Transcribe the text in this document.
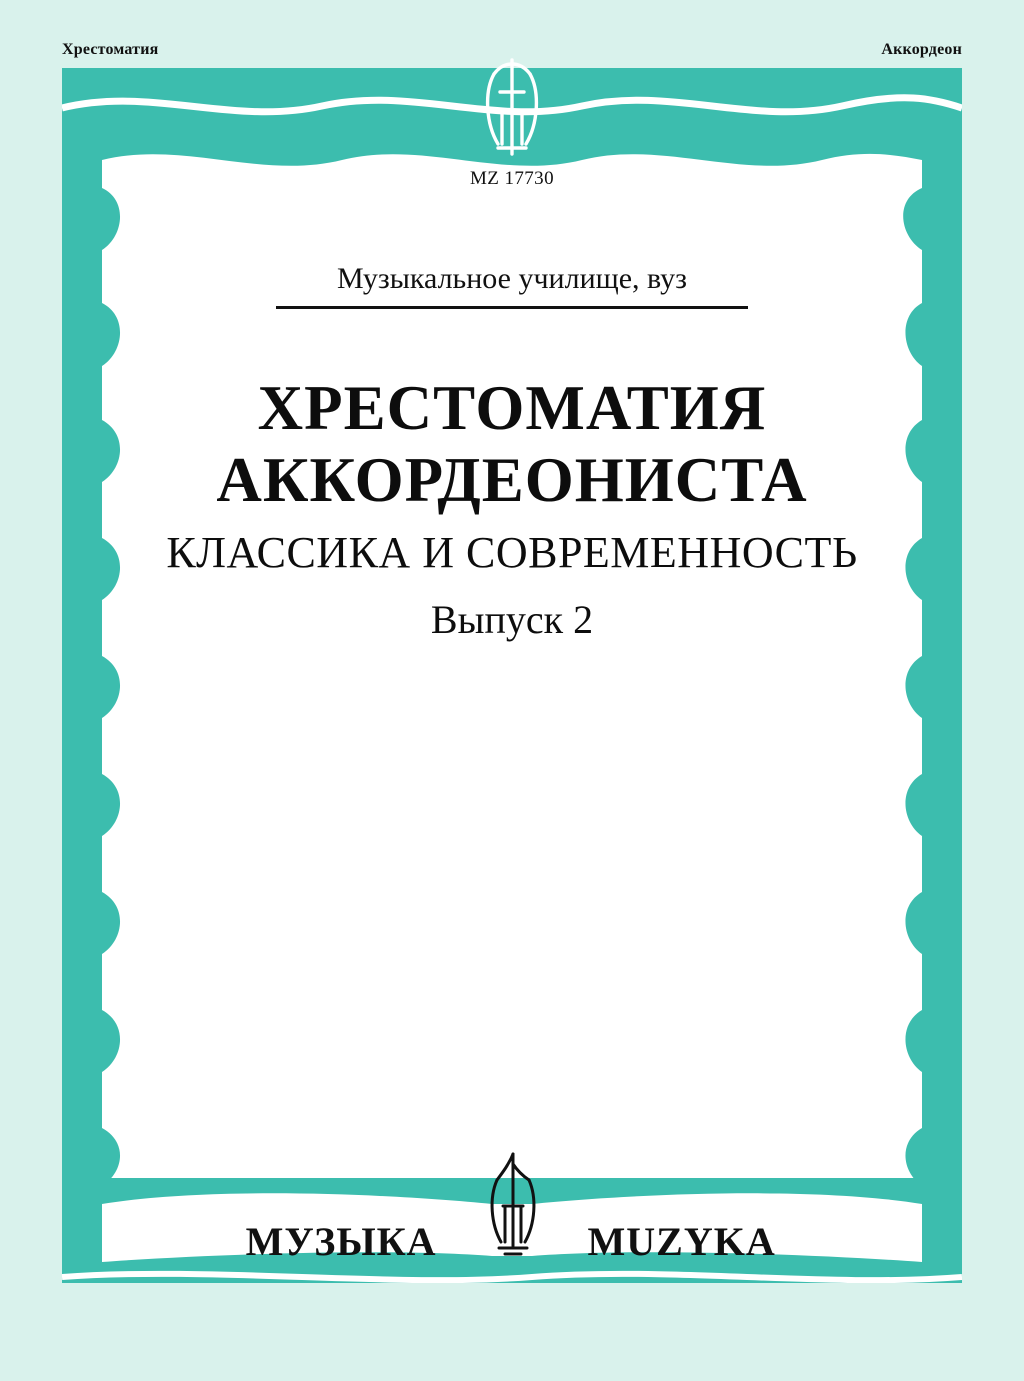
Хрестоматия	Аккордеон
MZ 17730
Музыкальное училище, вуз
ХРЕСТОМАТИЯ
АККОРДЕОНИСТА
КЛАССИКА И СОВРЕМЕННОСТЬ
Выпуск 2
МУЗЫКА	MUZYKA
